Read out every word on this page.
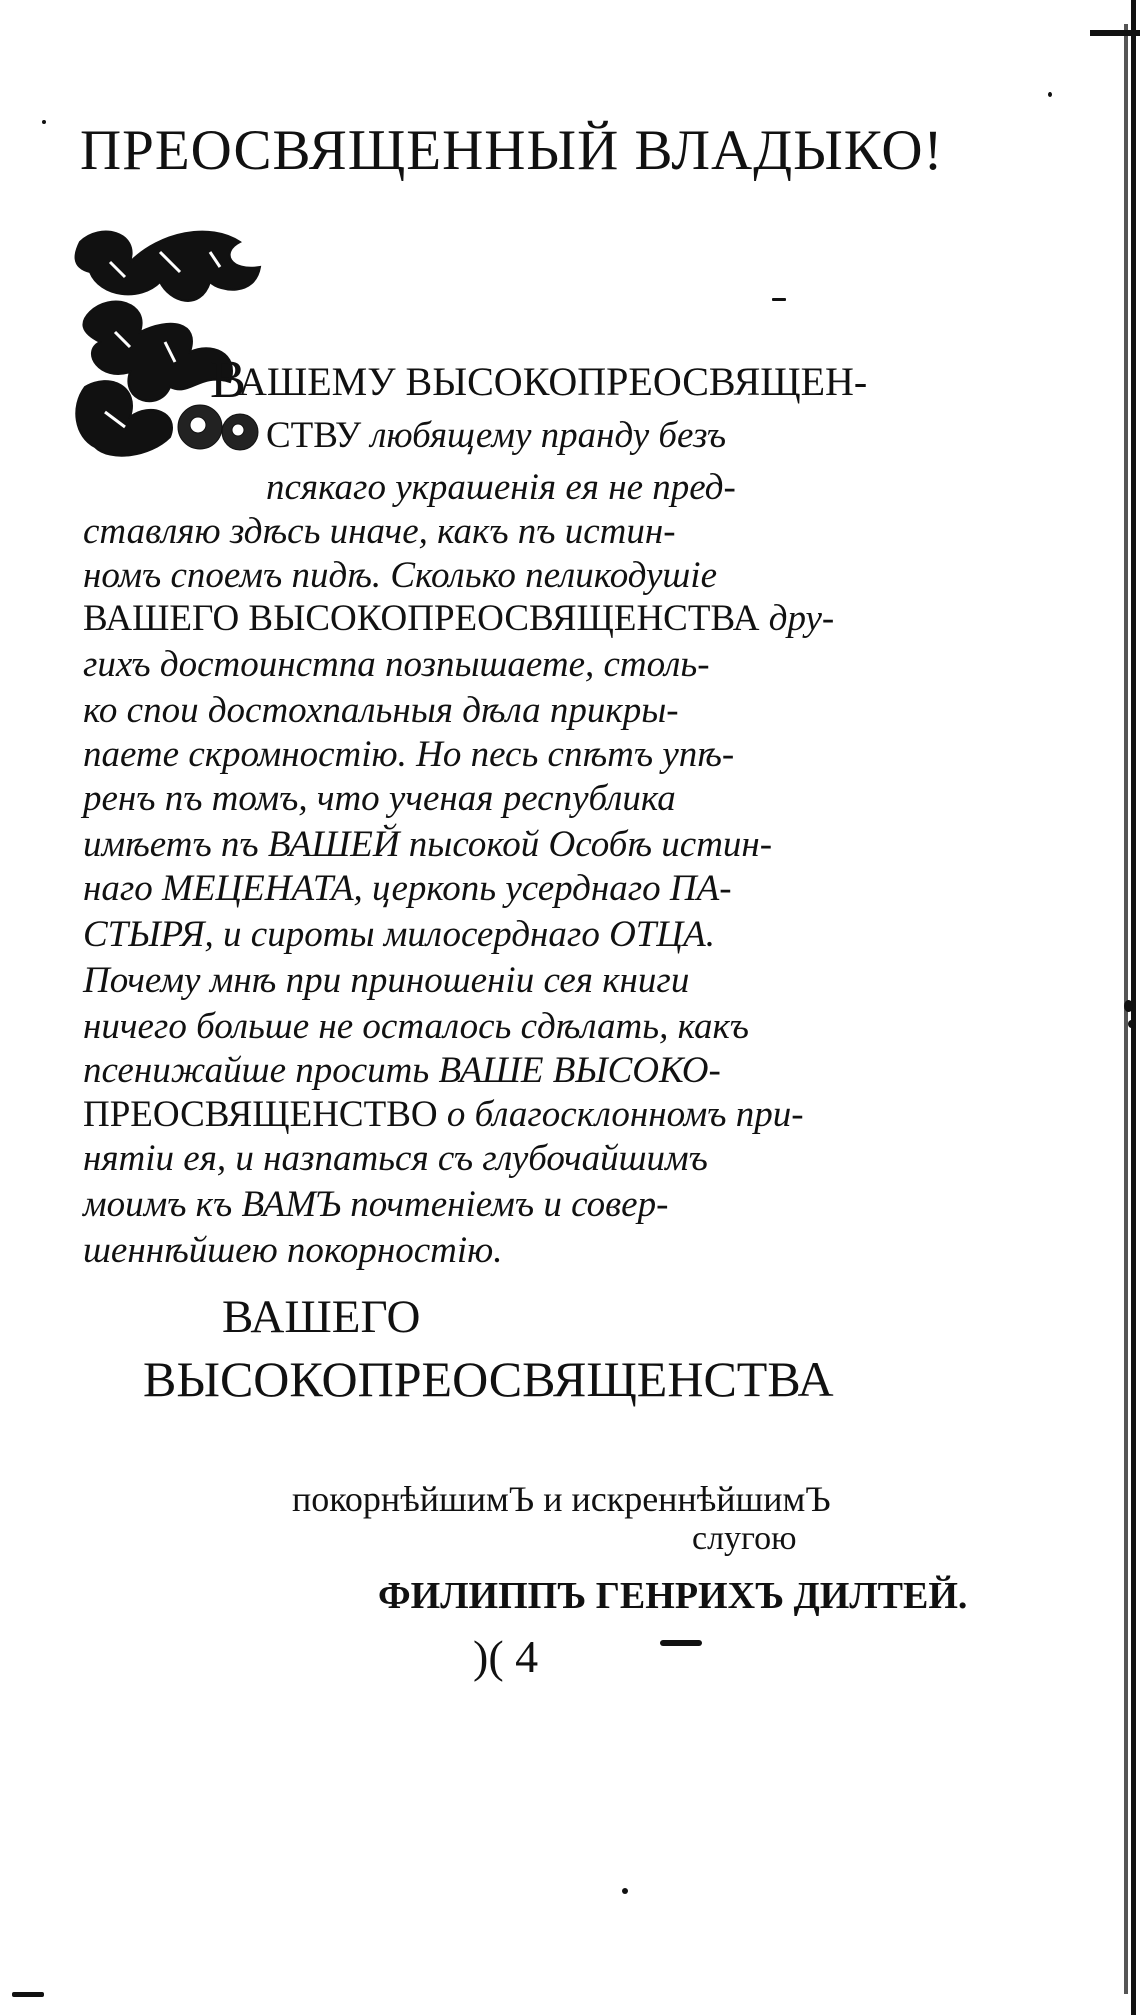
ПРЕОСВЯЩЕННЫЙ ВЛАДЫКО!
В
АШЕМУ ВЫСОКОПРЕОСВЯЩЕН-
СТВУ любящему пранду безъ
псякаго украшенія ея не пред-
ставляю здѣсь иначе, какъ пъ истин-
номъ споемъ пидѣ. Сколько пеликодушіе
ВАШЕГО ВЫСОКОПРЕОСВЯЩЕНСТВА дру-
гихъ достоинстпа позпышаете, столь-
ко спои достохпальныя дѣла прикры-
паете скромностію. Но песь спѣтъ упѣ-
ренъ пъ томъ, что ученая республика
имѣетъ пъ ВАШЕЙ пысокой Особѣ истин-
наго МЕЦЕНАТА, церкопь усерднаго ПА-
СТЫРЯ, и сироты милосерднаго ОТЦА.
Почему мнѣ при приношеніи сея книги
ничего больше не осталось сдѣлать, какъ
псенижайше просить ВАШЕ ВЫСОКО-
ПРЕОСВЯЩЕНСТВО о благосклонномъ при-
нятіи ея, и назпаться съ глубочайшимъ
моимъ къ ВАМЪ почтеніемъ и совер-
шеннѣйшею покорностію.
ВАШЕГО
ВЫСОКОПРЕОСВЯЩЕНСТВА
покорнѣйшимЪ и искреннѣйшимЪ
слугою
ФИЛИППЪ ГЕНРИХЪ ДИЛТЕЙ.
)( 4
